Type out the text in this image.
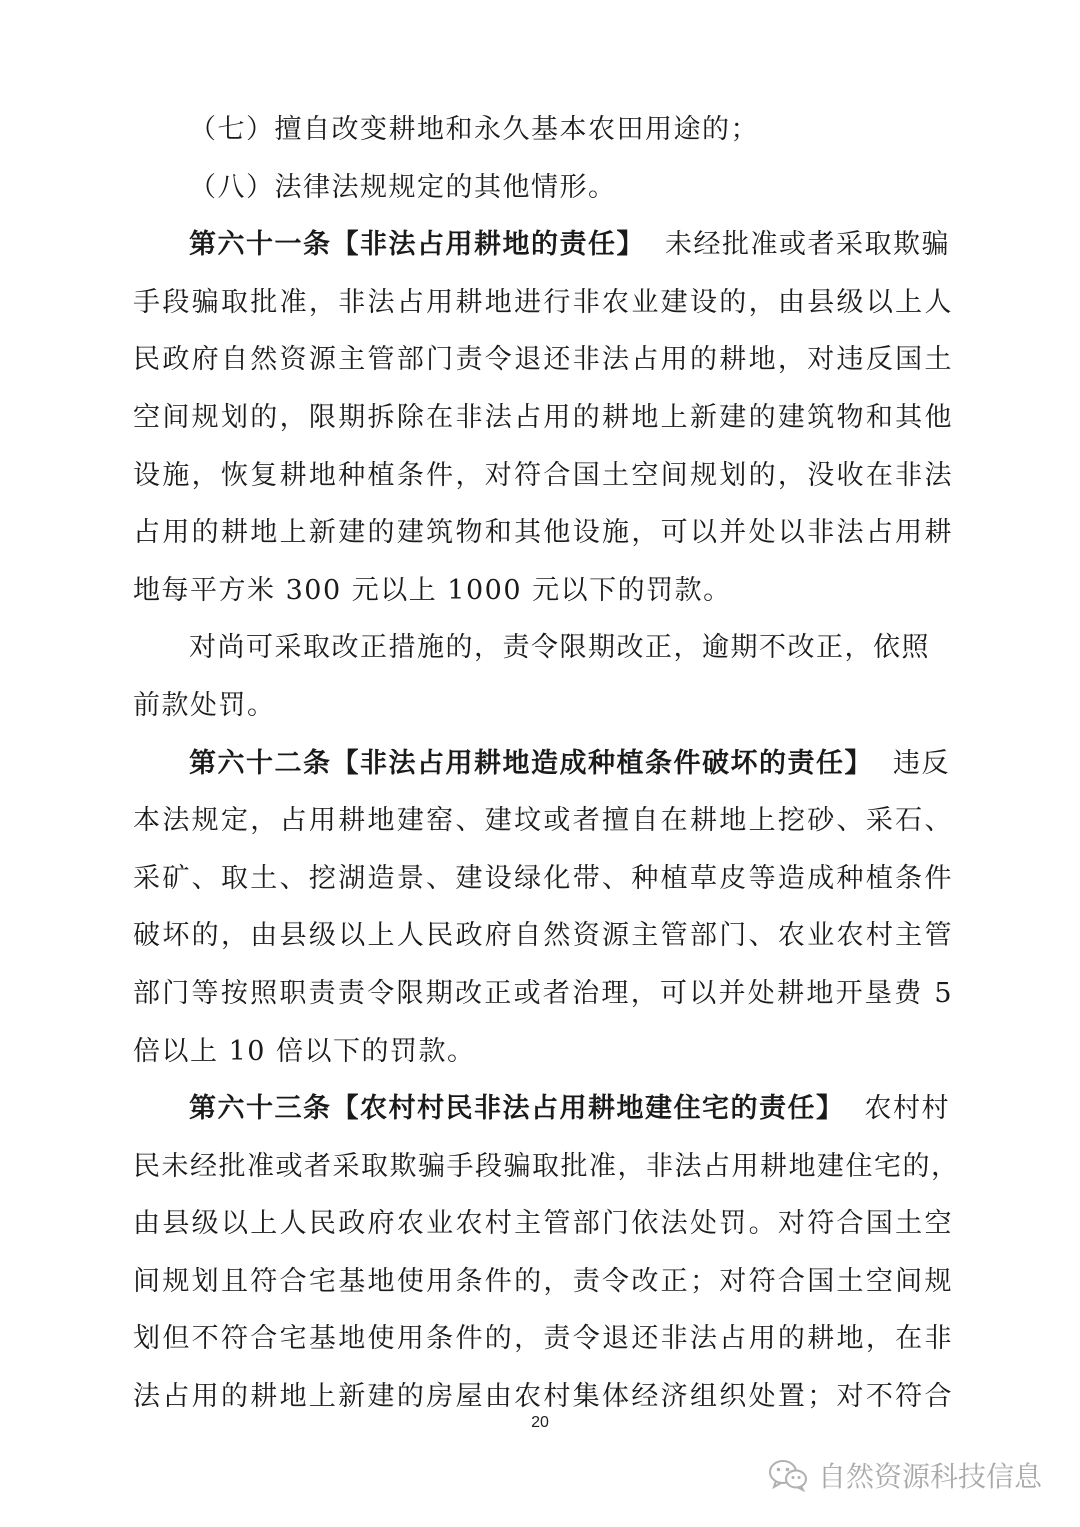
（七）擅自改变耕地和永久基本农田用途的；
（八）法律法规规定的其他情形。
第六十一条【非法占用耕地的责任】 未经批准或者采取欺骗
手段骗取批准，非法占用耕地进行非农业建设的，由县级以上人
民政府自然资源主管部门责令退还非法占用的耕地，对违反国土
空间规划的，限期拆除在非法占用的耕地上新建的建筑物和其他
设施，恢复耕地种植条件，对符合国土空间规划的，没收在非法
占用的耕地上新建的建筑物和其他设施，可以并处以非法占用耕
地每平方米 300 元以上 1000 元以下的罚款。
对尚可采取改正措施的，责令限期改正，逾期不改正，依照
前款处罚。
第六十二条【非法占用耕地造成种植条件破坏的责任】 违反
本法规定，占用耕地建窑、建坟或者擅自在耕地上挖砂、采石、
采矿、取土、挖湖造景、建设绿化带、种植草皮等造成种植条件
破坏的，由县级以上人民政府自然资源主管部门、农业农村主管
部门等按照职责责令限期改正或者治理，可以并处耕地开垦费 5
倍以上 10 倍以下的罚款。
第六十三条【农村村民非法占用耕地建住宅的责任】 农村村
民未经批准或者采取欺骗手段骗取批准，非法占用耕地建住宅的，
由县级以上人民政府农业农村主管部门依法处罚。对符合国土空
间规划且符合宅基地使用条件的，责令改正；对符合国土空间规
划但不符合宅基地使用条件的，责令退还非法占用的耕地，在非
法占用的耕地上新建的房屋由农村集体经济组织处置；对不符合
20
自然资源科技信息
